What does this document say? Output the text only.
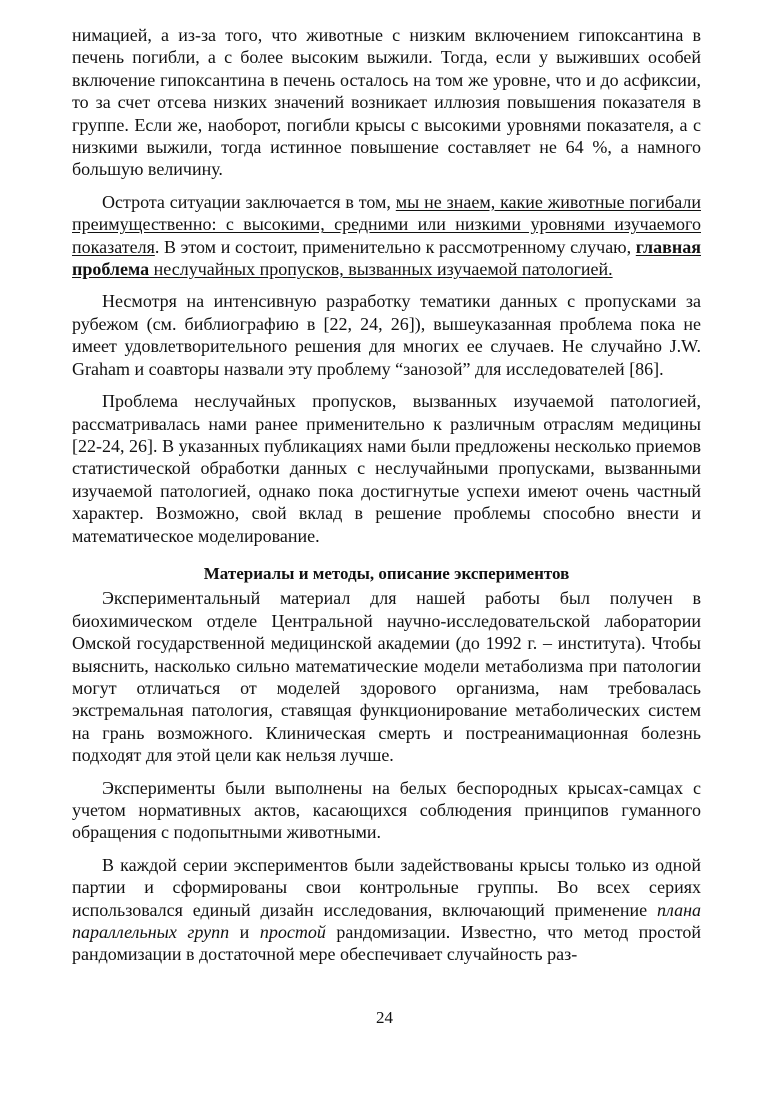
нимацией, а из-за того, что животные с низким включением гипоксантина в печень погибли, а с более высоким выжили. Тогда, если у выживших особей включение гипоксантина в печень осталось на том же уровне, что и до асфиксии, то за счет отсева низких значений возникает иллюзия повышения показателя в группе. Если же, наоборот, погибли крысы с высокими уровнями показателя, а с низкими выжили, тогда истинное повышение составляет не 64 %, а намного большую величину.

Острота ситуации заключается в том, мы не знаем, какие животные погибали преимущественно: с высокими, средними или низкими уровнями изучаемого показателя. В этом и состоит, применительно к рассмотренному случаю, главная проблема неслучайных пропусков, вызванных изучаемой патологией.

Несмотря на интенсивную разработку тематики данных с пропусками за рубежом (см. библиографию в [22, 24, 26]), вышеуказанная проблема пока не имеет удовлетворительного решения для многих ее случаев. Не случайно J.W. Graham и соавторы назвали эту проблему “занозой” для исследователей [86].

Проблема неслучайных пропусков, вызванных изучаемой патологией, рассматривалась нами ранее применительно к различным отраслям медицины [22-24, 26]. В указанных публикациях нами были предложены несколько приемов статистической обработки данных с неслучайными пропусками, вызванными изучаемой патологией, однако пока достигнутые успехи имеют очень частный характер. Возможно, свой вклад в решение проблемы способно внести и математическое моделирование.

Материалы и методы, описание экспериментов

Экспериментальный материал для нашей работы был получен в биохимическом отделе Центральной научно-исследовательской лаборатории Омской государственной медицинской академии (до 1992 г. – института). Чтобы выяснить, насколько сильно математические модели метаболизма при патологии могут отличаться от моделей здорового организма, нам требовалась экстремальная патология, ставящая функционирование метаболических систем на грань возможного. Клиническая смерть и постреанимационная болезнь подходят для этой цели как нельзя лучше.

Эксперименты были выполнены на белых беспородных крысах-самцах с учетом нормативных актов, касающихся соблюдения принципов гуманного обращения с подопытными животными.

В каждой серии экспериментов были задействованы крысы только из одной партии и сформированы свои контрольные группы. Во всех сериях использовался единый дизайн исследования, включающий применение плана параллельных групп и простой рандомизации. Известно, что метод простой рандомизации в достаточной мере обеспечивает случайность раз-

24
